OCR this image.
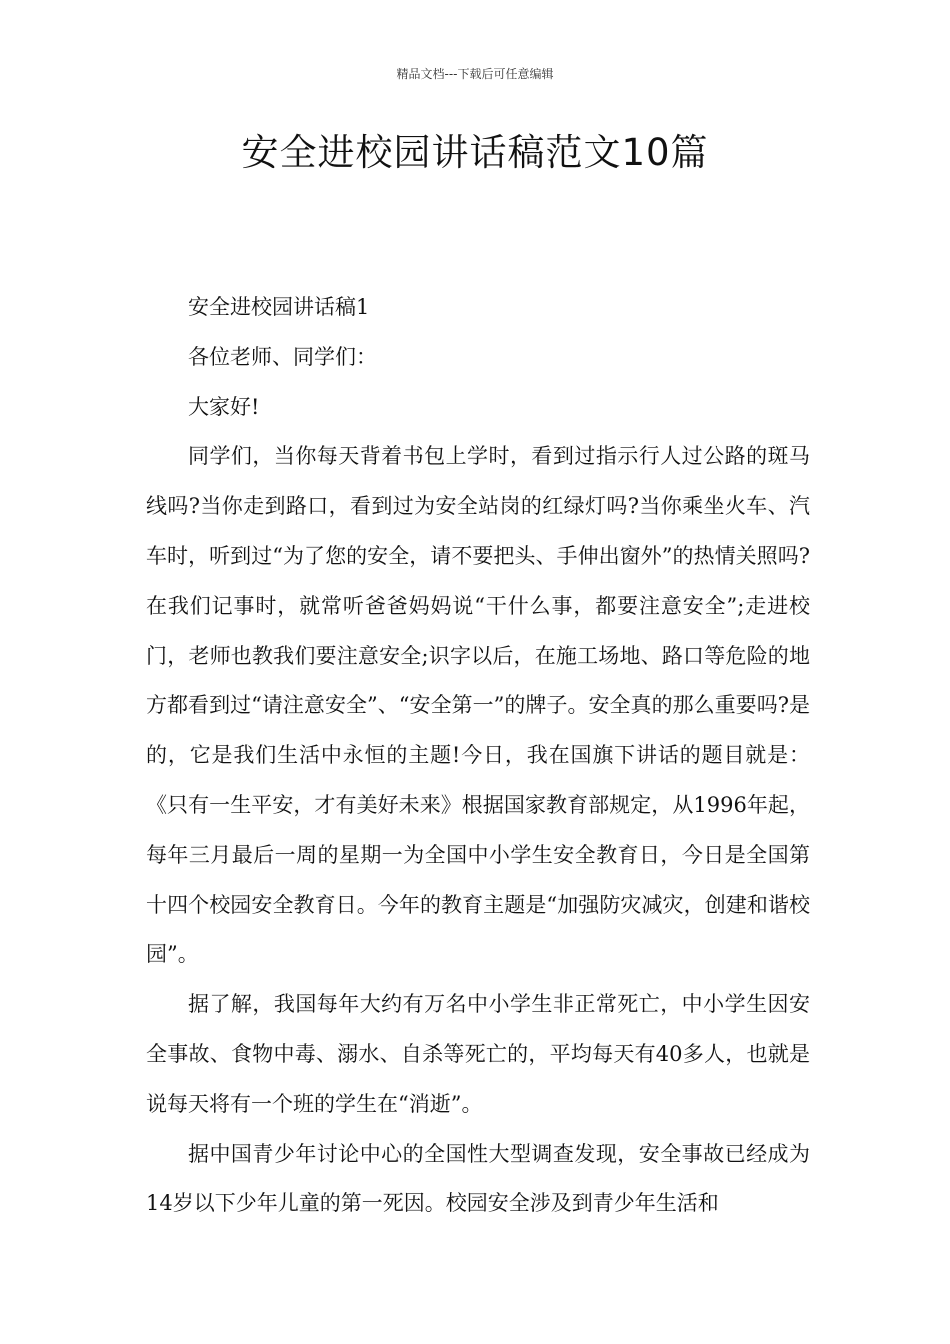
精品文档---下载后可任意编辑
安全进校园讲话稿范文10篇

安全进校园讲话稿1

各位老师、同学们：

大家好!

同学们，当你每天背着书包上学时，看到过指示行人过公路的斑马线吗?当你走到路口，看到过为安全站岗的红绿灯吗?当你乘坐火车、汽车时，听到过“为了您的安全，请不要把头、手伸出窗外”的热情关照吗?在我们记事时，就常听爸爸妈妈说“干什么事，都要注意安全”;走进校门，老师也教我们要注意安全;识字以后，在施工场地、路口等危险的地方都看到过“请注意安全”、“安全第一”的牌子。安全真的那么重要吗?是的，它是我们生活中永恒的主题!今日，我在国旗下讲话的题目就是：《只有一生平安，才有美好未来》根据国家教育部规定，从1996年起，每年三月最后一周的星期一为全国中小学生安全教育日，今日是全国第十四个校园安全教育日。今年的教育主题是“加强防灾减灾，创建和谐校园”。

据了解，我国每年大约有万名中小学生非正常死亡，中小学生因安全事故、食物中毒、溺水、自杀等死亡的，平均每天有40多人，也就是说每天将有一个班的学生在“消逝”。

据中国青少年讨论中心的全国性大型调查发现，安全事故已经成为14岁以下少年儿童的第一死因。校园安全涉及到青少年生活和
